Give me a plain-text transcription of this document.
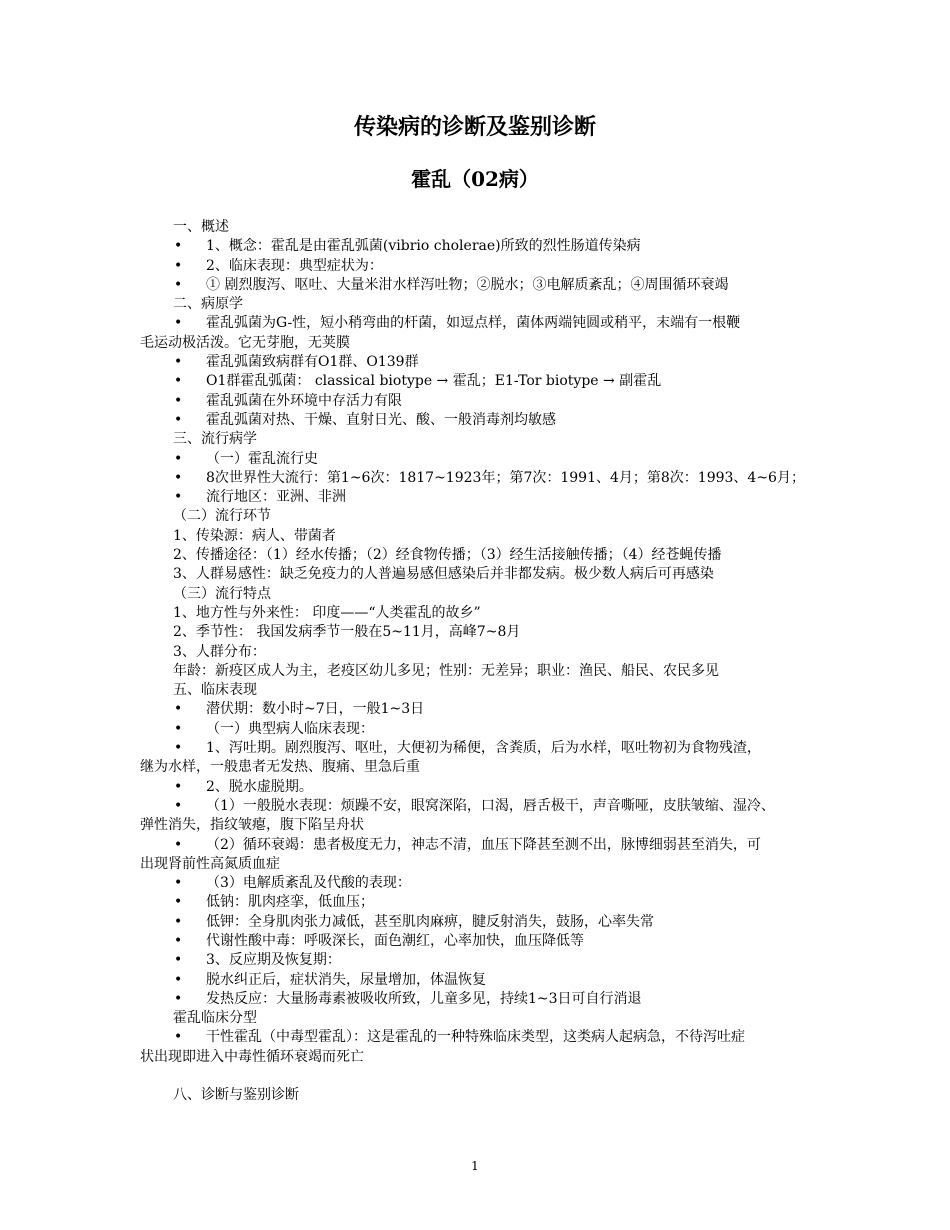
传染病的诊断及鉴别诊断
霍乱（02病）
一、概述
• 1、概念：霍乱是由霍乱弧菌(vibrio cholerae)所致的烈性肠道传染病
• 2、临床表现：典型症状为：
• ① 剧烈腹泻、呕吐、大量米泔水样泻吐物；②脱水；③电解质紊乱；④周围循环衰竭
二、病原学
• 霍乱弧菌为G-性，短小稍弯曲的杆菌，如逗点样，菌体两端钝圆或稍平，末端有一根鞭
毛运动极活泼。它无芽胞，无荚膜
• 霍乱弧菌致病群有O1群、O139群
• O1群霍乱弧菌： classical biotype → 霍乱；E1-Tor biotype → 副霍乱
• 霍乱弧菌在外环境中存活力有限
• 霍乱弧菌对热、干燥、直射日光、酸、一般消毒剂均敏感
三、流行病学
• （一）霍乱流行史
• 8次世界性大流行：第1~6次：1817~1923年；第7次：1991、4月；第8次：1993、4~6月；
• 流行地区：亚洲、非洲
（二）流行环节
1、传染源：病人、带菌者
2、传播途径：（1）经水传播；（2）经食物传播；（3）经生活接触传播；（4）经苍蝇传播
3、人群易感性：缺乏免疫力的人普遍易感但感染后并非都发病。极少数人病后可再感染
（三）流行特点
1、地方性与外来性： 印度——“人类霍乱的故乡”
2、季节性： 我国发病季节一般在5~11月，高峰7~8月
3、人群分布：
年龄：新疫区成人为主，老疫区幼儿多见；性别：无差异；职业：渔民、船民、农民多见
五、临床表现
• 潜伏期：数小时~7日，一般1~3日
• （一）典型病人临床表现：
• 1、泻吐期。剧烈腹泻、呕吐，大便初为稀便，含粪质，后为水样，呕吐物初为食物残渣，
继为水样，一般患者无发热、腹痛、里急后重
• 2、脱水虚脱期。
• （1）一般脱水表现：烦躁不安，眼窝深陷，口渴，唇舌极干，声音嘶哑，皮肤皱缩、湿冷、
弹性消失，指纹皱瘪，腹下陷呈舟状
• （2）循环衰竭：患者极度无力，神志不清，血压下降甚至测不出，脉博细弱甚至消失，可
出现肾前性高氮质血症
• （3）电解质紊乱及代酸的表现：
• 低钠：肌肉痉挛，低血压；
• 低钾：全身肌肉张力减低，甚至肌肉麻痹，腱反射消失，鼓肠，心率失常
• 代谢性酸中毒：呼吸深长，面色潮红，心率加快，血压降低等
• 3、反应期及恢复期：
• 脱水纠正后，症状消失，尿量增加，体温恢复
• 发热反应：大量肠毒素被吸收所致，儿童多见，持续1~3日可自行消退
霍乱临床分型
• 干性霍乱（中毒型霍乱）：这是霍乱的一种特殊临床类型，这类病人起病急，不待泻吐症
状出现即进入中毒性循环衰竭而死亡
八、诊断与鉴别诊断
1
